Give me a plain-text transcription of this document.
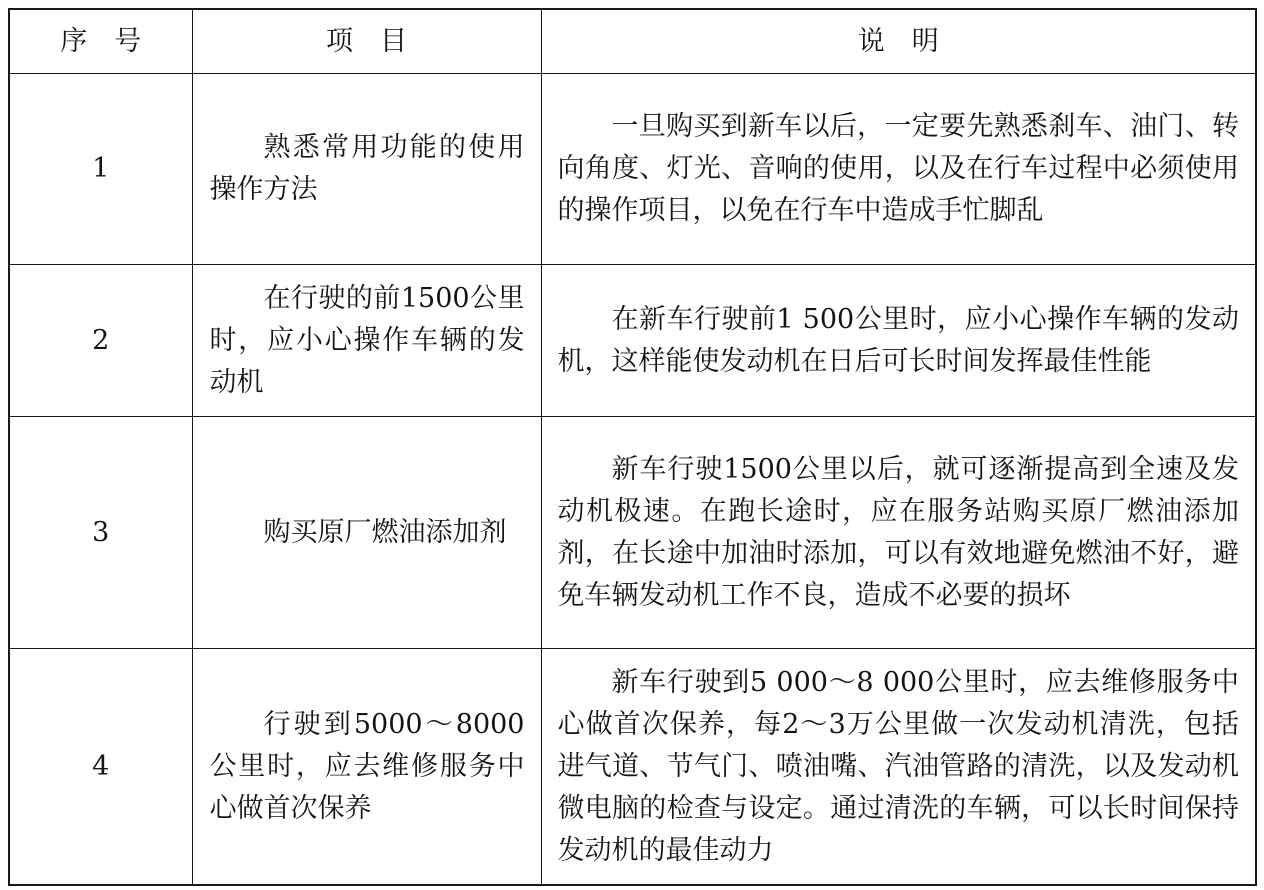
序　号	项　目	说　明
1	熟悉常用功能的使用操作方法	一旦购买到新车以后，一定要先熟悉刹车、油门、转向角度、灯光、音响的使用，以及在行车过程中必须使用的操作项目，以免在行车中造成手忙脚乱

2	在行驶的前1500公里时，应小心操作车辆的发动机	在新车行驶前1 500公里时，应小心操作车辆的发动机，这样能使发动机在日后可长时间发挥最佳性能

3	购买原厂燃油添加剂	新车行驶1500公里以后，就可逐渐提高到全速及发动机极速。在跑长途时，应在服务站购买原厂燃油添加剂，在长途中加油时添加，可以有效地避免燃油不好，避免车辆发动机工作不良，造成不必要的损坏

4	行驶到5000～8000公里时，应去维修服务中心做首次保养	新车行驶到5 000～8 000公里时，应去维修服务中心做首次保养，每2～3万公里做一次发动机清洗，包括进气道、节气门、喷油嘴、汽油管路的清洗，以及发动机微电脑的检查与设定。通过清洗的车辆，可以长时间保持发动机的最佳动力
